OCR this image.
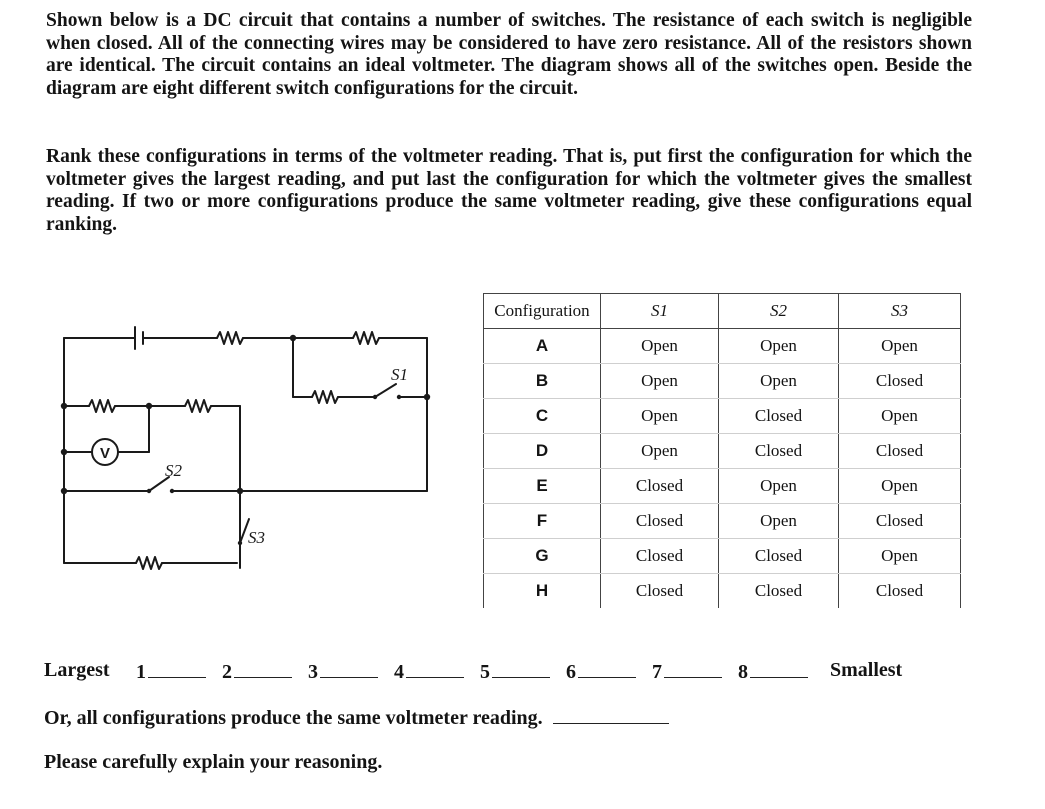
Shown below is a DC circuit that contains a number of switches. The resistance of each switch is negligible when closed. All of the connecting wires may be considered to have zero resistance. All of the resistors shown are identical. The circuit contains an ideal voltmeter. The diagram shows all of the switches open. Beside the diagram are eight different switch configurations for the circuit.

Rank these configurations in terms of the voltmeter reading. That is, put first the configuration for which the voltmeter gives the largest reading, and put last the configuration for which the voltmeter gives the smallest reading. If two or more configurations produce the same voltmeter reading, give these configurations equal ranking.

V
S1
S2
S3
Configuration	S1	S2	S3
A	Open	Open	Open
B	Open	Open	Closed
C	Open	Closed	Open
D	Open	Closed	Closed
E	Closed	Open	Open
F	Closed	Open	Closed
G	Closed	Closed	Open
H	Closed	Closed	Closed
Largest 1	2	3	4	5	6	7	8	Smallest
Or, all configurations produce the same voltmeter reading.
Please carefully explain your reasoning.
